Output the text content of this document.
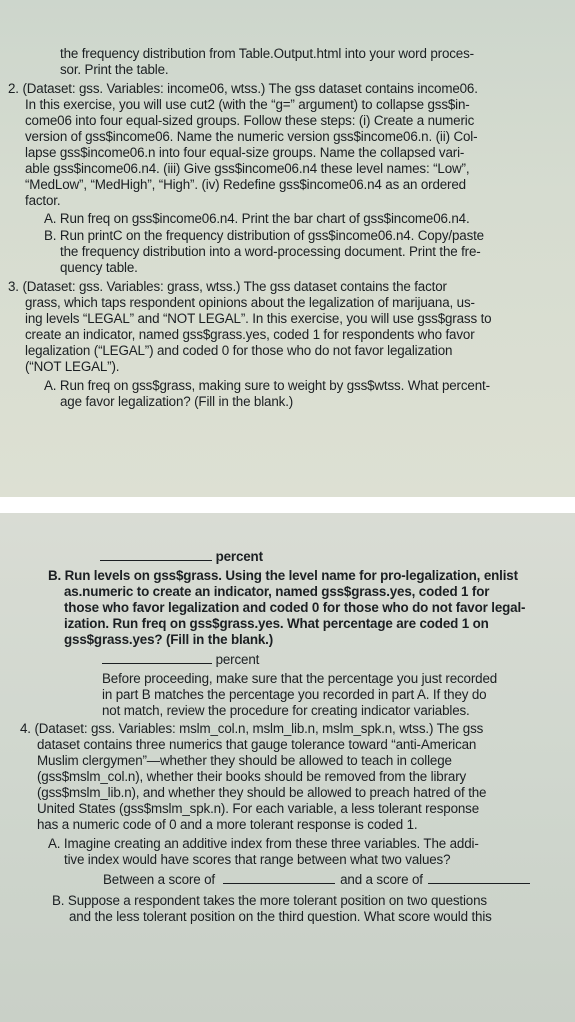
the frequency distribution from Table.Output.html into your word proces-
sor. Print the table.
2. (Dataset: gss. Variables: income06, wtss.) The gss dataset contains income06.
In this exercise, you will use cut2 (with the “g=” argument) to collapse gss$in-
come06 into four equal-sized groups. Follow these steps: (i) Create a numeric
version of gss$income06. Name the numeric version gss$income06.n. (ii) Col-
lapse gss$income06.n into four equal-size groups. Name the collapsed vari-
able gss$income06.n4. (iii) Give gss$income06.n4 these level names: “Low”,
“MedLow”, “MedHigh”, “High”. (iv) Redefine gss$income06.n4 as an ordered
factor.
A. Run freq on gss$income06.n4. Print the bar chart of gss$income06.n4.
B. Run printC on the frequency distribution of gss$income06.n4. Copy/paste
the frequency distribution into a word-processing document. Print the fre-
quency table.
3. (Dataset: gss. Variables: grass, wtss.) The gss dataset contains the factor
grass, which taps respondent opinions about the legalization of marijuana, us-
ing levels “LEGAL” and “NOT LEGAL”. In this exercise, you will use gss$grass to
create an indicator, named gss$grass.yes, coded 1 for respondents who favor
legalization (“LEGAL”) and coded 0 for those who do not favor legalization
(“NOT LEGAL”).
A. Run freq on gss$grass, making sure to weight by gss$wtss. What percent-
age favor legalization? (Fill in the blank.)
percent
B. Run levels on gss$grass. Using the level name for pro-legalization, enlist
as.numeric to create an indicator, named gss$grass.yes, coded 1 for
those who favor legalization and coded 0 for those who do not favor legal-
ization. Run freq on gss$grass.yes. What percentage are coded 1 on
gss$grass.yes? (Fill in the blank.)
percent
Before proceeding, make sure that the percentage you just recorded
in part B matches the percentage you recorded in part A. If they do
not match, review the procedure for creating indicator variables.
4. (Dataset: gss. Variables: mslm_col.n, mslm_lib.n, mslm_spk.n, wtss.) The gss
dataset contains three numerics that gauge tolerance toward “anti-American
Muslim clergymen”—whether they should be allowed to teach in college
(gss$mslm_col.n), whether their books should be removed from the library
(gss$mslm_lib.n), and whether they should be allowed to preach hatred of the
United States (gss$mslm_spk.n). For each variable, a less tolerant response
has a numeric code of 0 and a more tolerant response is coded 1.
A. Imagine creating an additive index from these three variables. The addi-
tive index would have scores that range between what two values?
Between a score of	and a score of
B. Suppose a respondent takes the more tolerant position on two questions
and the less tolerant position on the third question. What score would this
